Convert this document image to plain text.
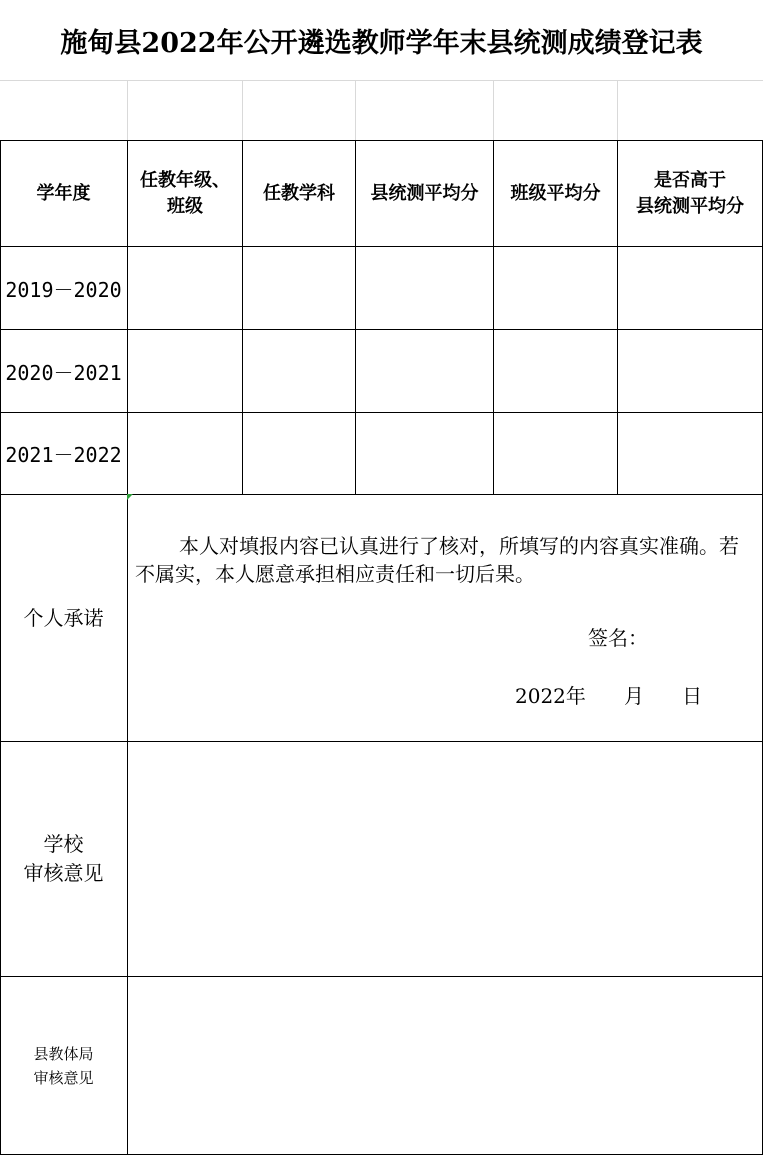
施甸县2022年公开遴选教师学年末县统测成绩登记表
学年度
任教年级、
班级
任教学科	县统测平均分	班级平均分
是否高于
县统测平均分
2019－2020
2020－2021
2021－2022
个人承诺
本人对填报内容已认真进行了核对，所填写的内容真实准确。若不属实，本人愿意承担相应责任和一切后果。
签名：
2022年      月      日
学校
审核意见
县教体局
审核意见
